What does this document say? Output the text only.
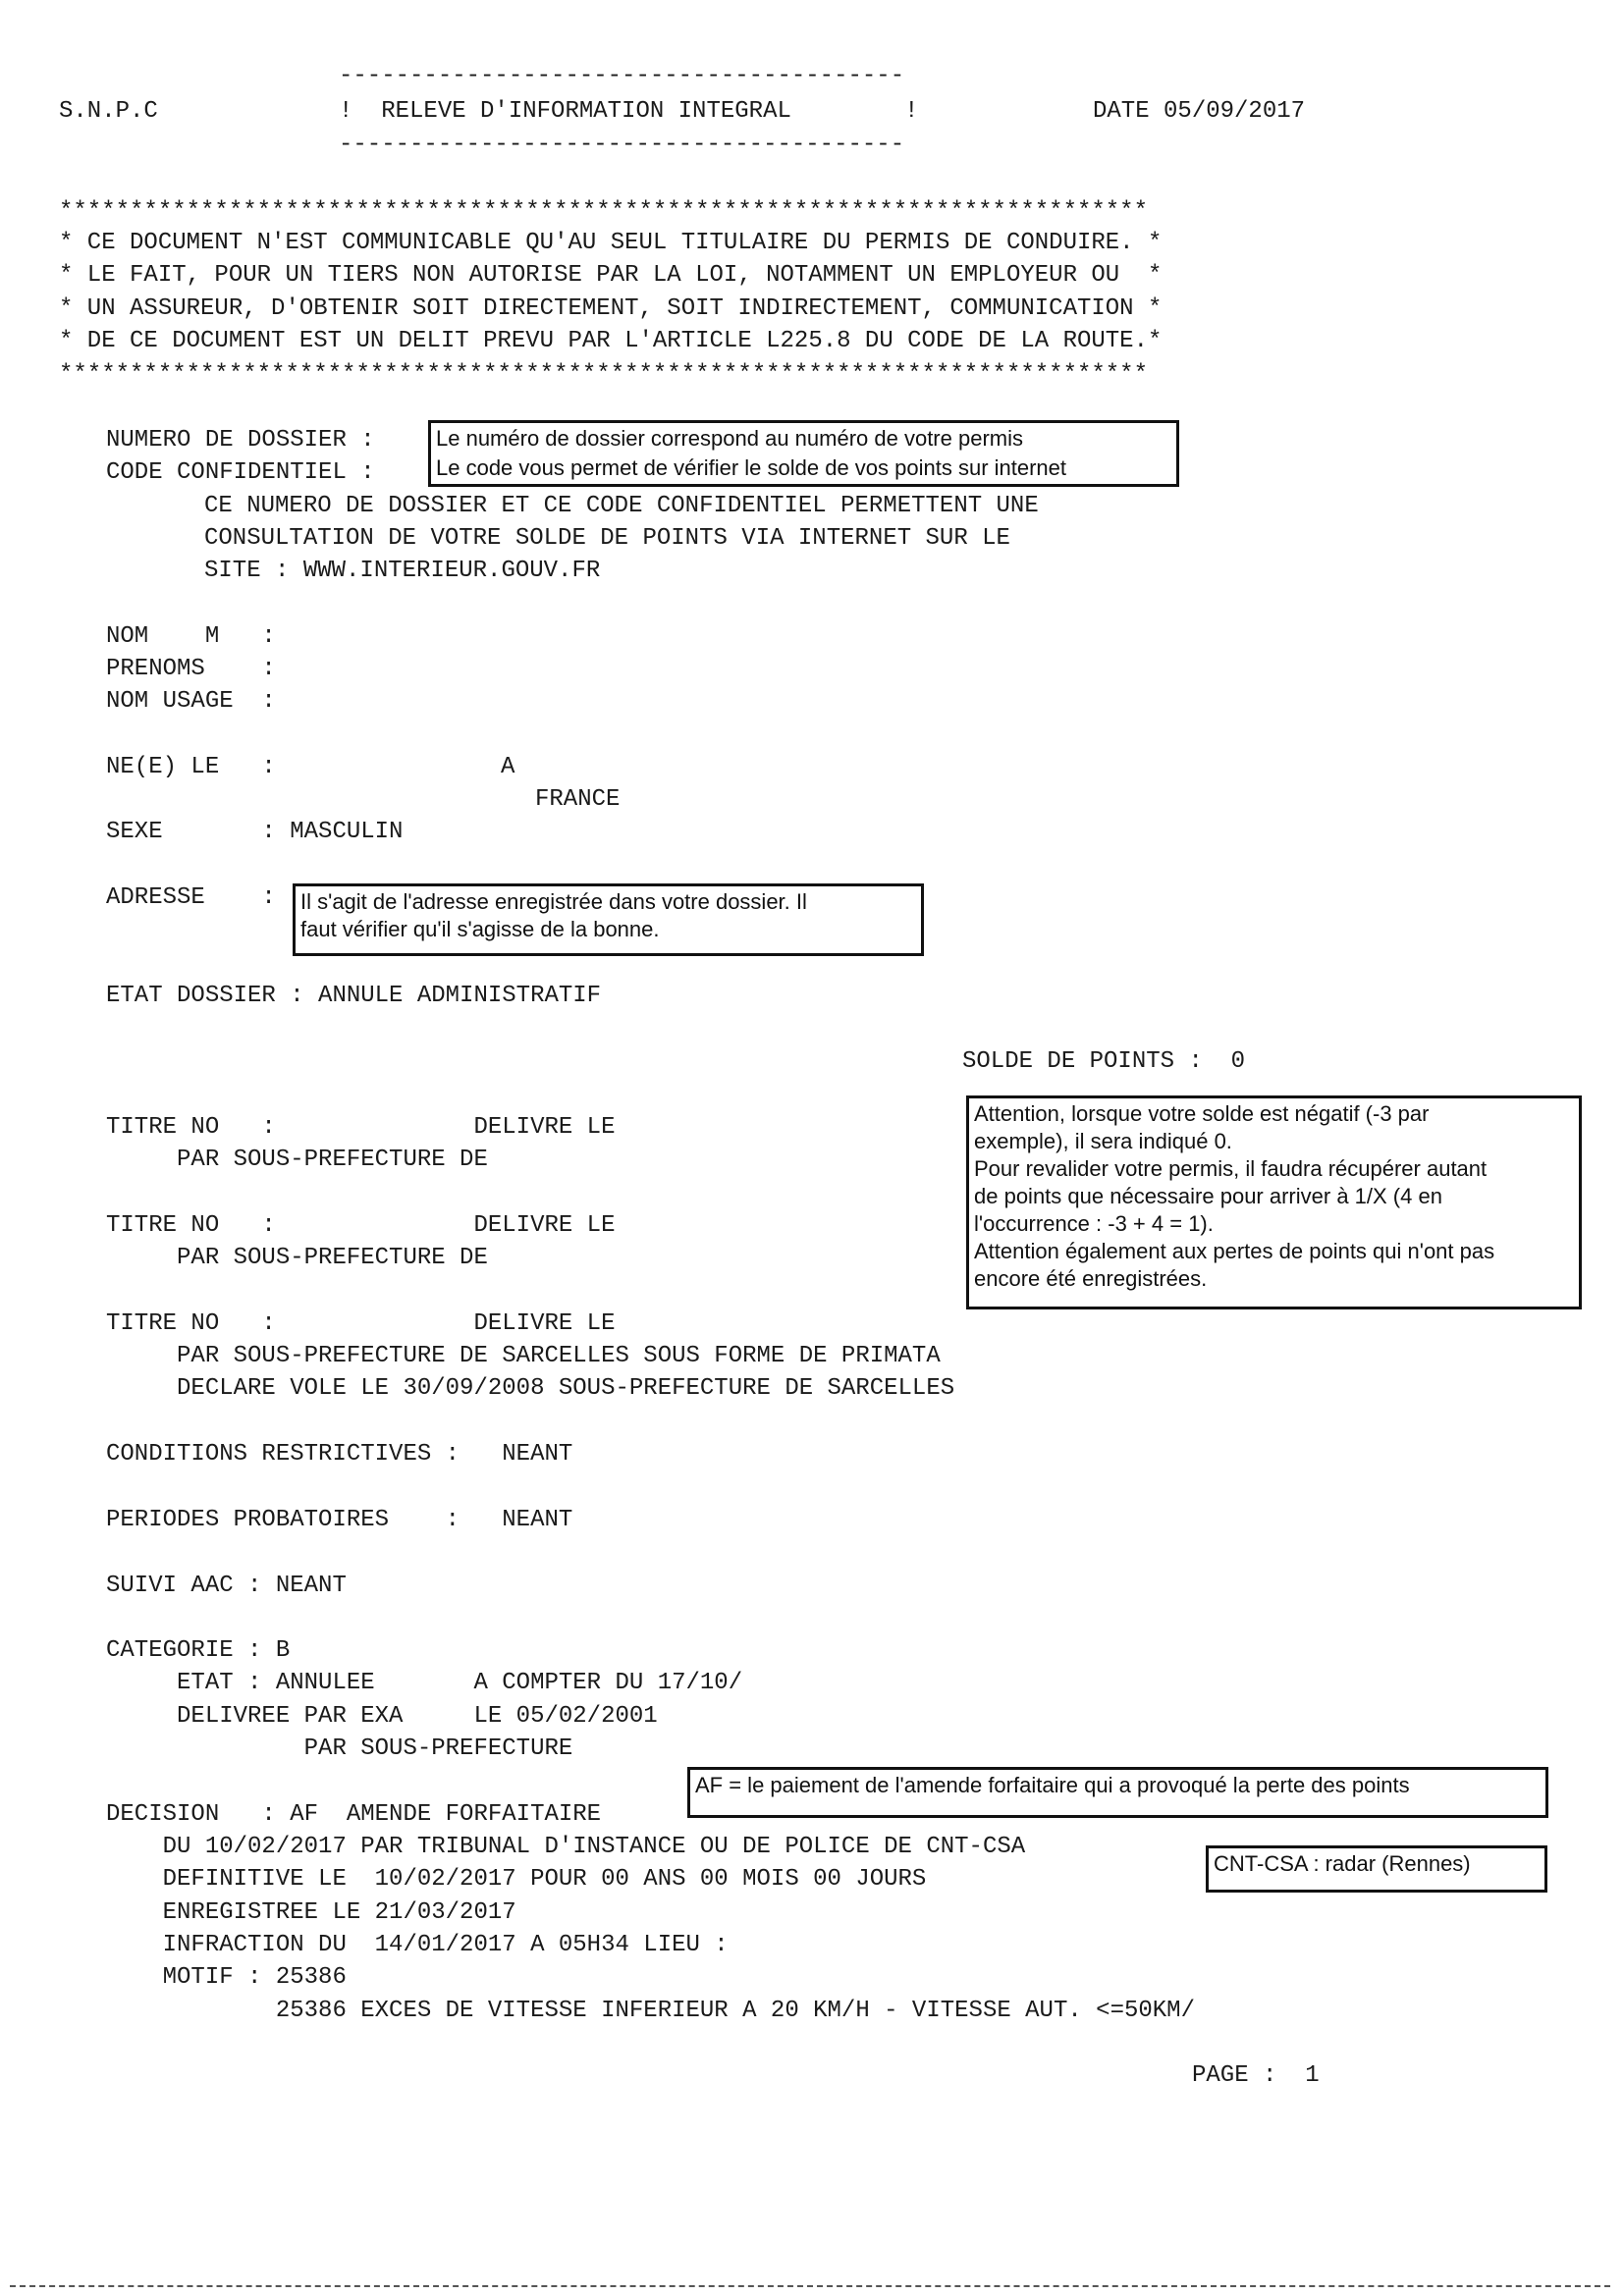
----------------------------------------
S.N.P.C	!  RELEVE D'INFORMATION INTEGRAL        !	DATE 05/09/2017
----------------------------------------
*****************************************************************************
* CE DOCUMENT N'EST COMMUNICABLE QU'AU SEUL TITULAIRE DU PERMIS DE CONDUIRE. *
* LE FAIT, POUR UN TIERS NON AUTORISE PAR LA LOI, NOTAMMENT UN EMPLOYEUR OU  *
* UN ASSUREUR, D'OBTENIR SOIT DIRECTEMENT, SOIT INDIRECTEMENT, COMMUNICATION *
* DE CE DOCUMENT EST UN DELIT PREVU PAR L'ARTICLE L225.8 DU CODE DE LA ROUTE.*
*****************************************************************************
NUMERO DE DOSSIER :
CODE CONFIDENTIEL :
Le numéro de dossier correspond au numéro de votre permis
Le code vous permet de vérifier le solde de vos points sur internet
CE NUMERO DE DOSSIER ET CE CODE CONFIDENTIEL PERMETTENT UNE
CONSULTATION DE VOTRE SOLDE DE POINTS VIA INTERNET SUR LE
SITE : WWW.INTERIEUR.GOUV.FR
NOM    M   :
PRENOMS    :
NOM USAGE  :
NE(E) LE   :	A
FRANCE
SEXE       : MASCULIN
ADRESSE    : Il s'agit de l'adresse enregistrée dans votre dossier. Il
faut vérifier qu'il s'agisse de la bonne.
ETAT DOSSIER : ANNULE ADMINISTRATIF
SOLDE DE POINTS :  0
Attention, lorsque votre solde est négatif (-3 par
exemple), il sera indiqué 0.
Pour revalider votre permis, il faudra récupérer autant
de points que nécessaire pour arriver à 1/X (4 en
l'occurrence : -3 + 4 = 1).
Attention également aux pertes de points qui n'ont pas
encore été enregistrées.
TITRE NO   :              DELIVRE LE
PAR SOUS-PREFECTURE DE
TITRE NO   :              DELIVRE LE
PAR SOUS-PREFECTURE DE
TITRE NO   :              DELIVRE LE
PAR SOUS-PREFECTURE DE SARCELLES SOUS FORME DE PRIMATA
DECLARE VOLE LE 30/09/2008 SOUS-PREFECTURE DE SARCELLES
CONDITIONS RESTRICTIVES :   NEANT
PERIODES PROBATOIRES    :   NEANT
SUIVI AAC : NEANT
CATEGORIE : B
ETAT : ANNULEE       A COMPTER DU 17/10/
DELIVREE PAR EXA     LE 05/02/2001
PAR SOUS-PREFECTURE
AF = le paiement de l'amende forfaitaire qui a provoqué la perte des points
DECISION   : AF  AMENDE FORFAITAIRE
DU 10/02/2017 PAR TRIBUNAL D'INSTANCE OU DE POLICE DE CNT-CSA
CNT-CSA : radar (Rennes)
DEFINITIVE LE  10/02/2017 POUR 00 ANS 00 MOIS 00 JOURS
ENREGISTREE LE 21/03/2017
INFRACTION DU  14/01/2017 A 05H34 LIEU :
MOTIF : 25386
25386 EXCES DE VITESSE INFERIEUR A 20 KM/H - VITESSE AUT. <=50KM/
PAGE :  1
